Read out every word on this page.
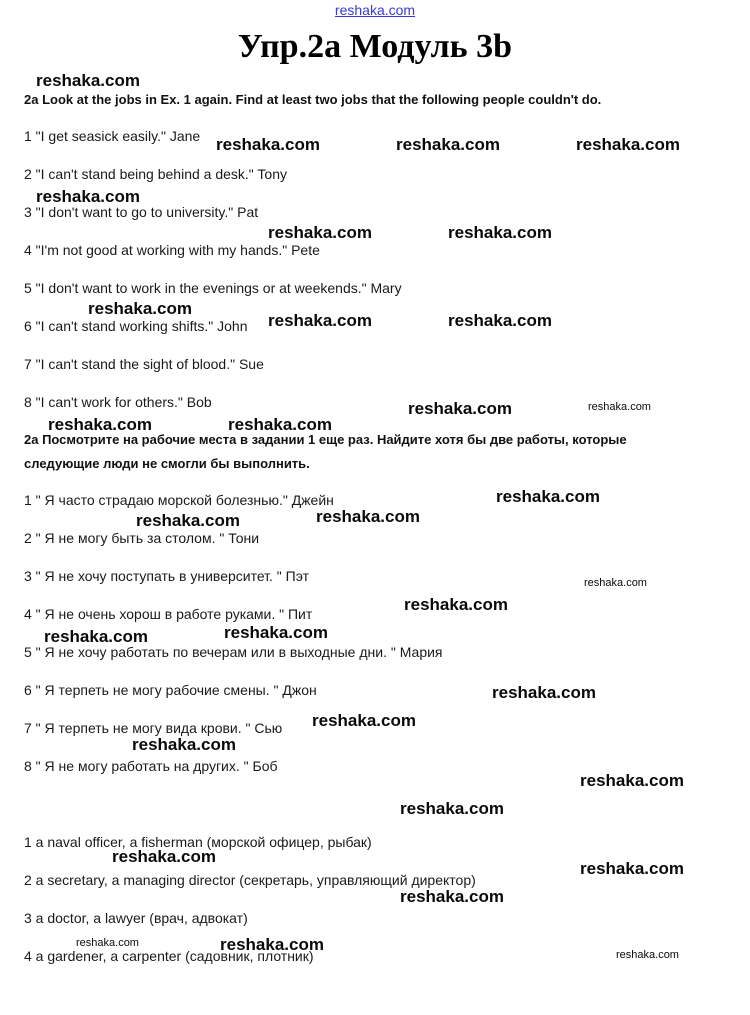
reshaka.com
Упр.2а Модуль 3b
2a Look at the jobs in Ex. 1 again. Find at least two jobs that the following people couldn't do.
1 "I get seasick easily." Jane
2 "I can't stand being behind a desk." Tony
3 "I don't want to go to university." Pat
4 "I'm not good at working with my hands." Pete
5 "I don't want to work in the evenings or at weekends." Mary
6 "I can't stand working shifts." John
7 "I can't stand the sight of blood." Sue
8 "I can't work for others." Bob
2a Посмотрите на рабочие места в задании 1 еще раз. Найдите хотя бы две работы, которые
следующие люди не смогли бы выполнить.
1 " Я часто страдаю морской болезнью." Джейн
2 " Я не могу быть за столом. " Тони
3 " Я не хочу поступать в университет. " Пэт
4 " Я не очень хорош в работе руками. " Пит
5 " Я не хочу работать по вечерам или в выходные дни. " Мария
6 " Я терпеть не могу рабочие смены. " Джон
7 " Я терпеть не могу вида крови. " Сью
8 " Я не могу работать на других. " Боб
1 a naval officer, a fisherman (морской офицер, рыбак)
2 a secretary, a managing director (секретарь, управляющий директор)
3 a doctor, a lawyer (врач, адвокат)
4 a gardener, a carpenter (садовник, плотник)
reshaka.com
reshaka.com	reshaka.com	reshaka.com
reshaka.com
reshaka.com	reshaka.com
reshaka.com
reshaka.com	reshaka.com
reshaka.com	reshaka.com
reshaka.com	reshaka.com
reshaka.com
reshaka.com	reshaka.com
reshaka.com
reshaka.com
reshaka.com
reshaka.com
reshaka.com
reshaka.com
reshaka.com
reshaka.com
reshaka.com
reshaka.com
reshaka.com
reshaka.com
reshaka.com	reshaka.com
reshaka.com
